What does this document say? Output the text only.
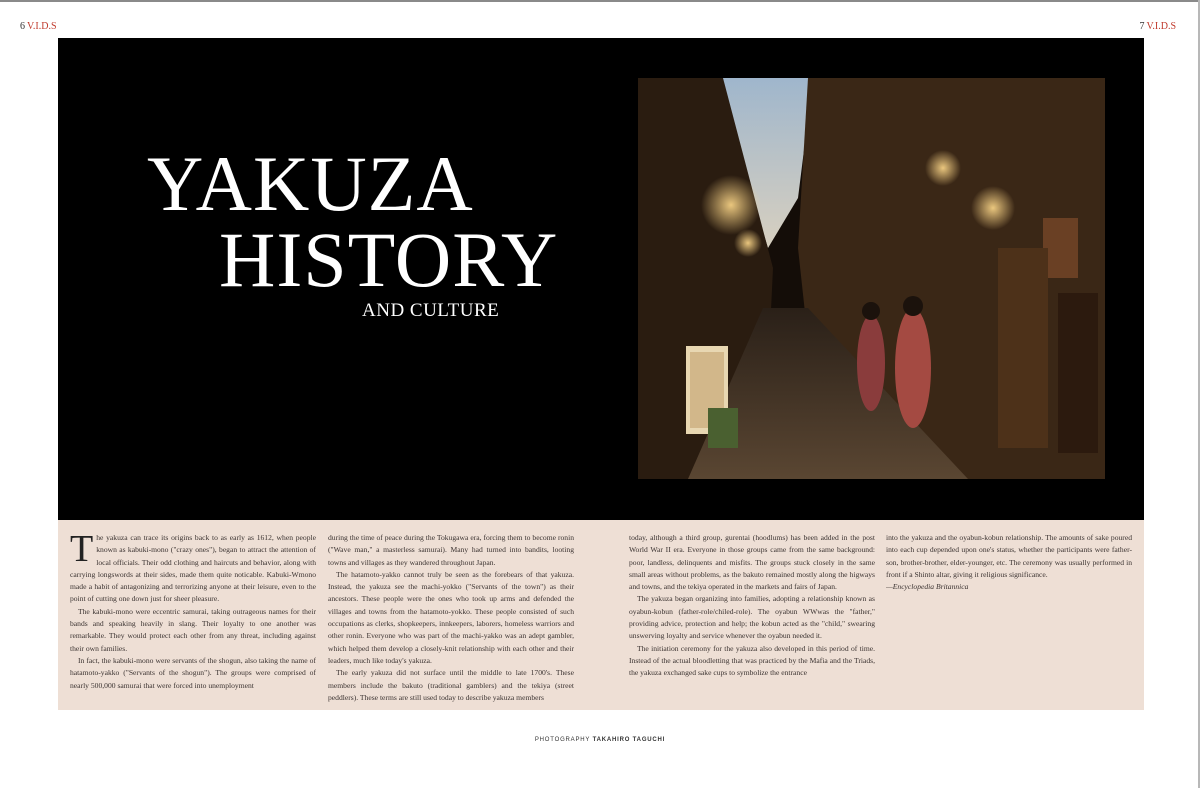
6 V.I.D.S	7 V.I.D.S
YAKUZA
HISTORY
AND CULTURE

The yakuza can trace its origins back to as early as 1612, when people known as kabuki-mono ("crazy ones"), began to attract the attention of local officials. Their odd clothing and haircuts and behavior, along with carrying longswords at their sides, made them quite noticable. Kabuki-Wmono made a habit of antagonizing and terrorizing anyone at their leisure, even to the point of cutting one down just for sheer pleasure.

The kabuki-mono were eccentric samurai, taking outrageous names for their bands and speaking heavily in slang. Their loyalty to one another was remarkable. They would protect each other from any threat, including against their own families.

In fact, the kabuki-mono were servants of the shogun, also taking the name of hatamoto-yakko ("Servants of the shogun"). The groups were comprised of nearly 500,000 samurai that were forced into unemployment

during the time of peace during the Tokugawa era, forcing them to become ronin ("Wave man," a masterless samurai). Many had turned into bandits, looting towns and villages as they wandered throughout Japan.

The hatamoto-yakko cannot truly be seen as the forebears of that yakuza. Instead, the yakuza see the machi-yokko ("Servants of the town") as their ancestors. These people were the ones who took up arms and defended the villages and towns from the hatamoto-yokko. These people consisted of such occupations as clerks, shopkeepers, innkeepers, laborers, homeless warriors and other ronin. Everyone who was part of the machi-yakko was an adept gambler, which helped them develop a closely-knit relationship with each other and their leaders, much like today's yakuza.

The early yakuza did not surface until the middle to late 1700's. These members include the bakuto (traditional gamblers) and the tekiya (street peddlers). These terms are still used today to describe yakuza members

today, although a third group, gurentai (hoodlums) has been added in the post World War II era. Everyone in those groups came from the same background: poor, landless, delinquents and misfits. The groups stuck closely in the same small areas without problems, as the bakuto remained mostly along the higways and towns, and the tekiya operated in the markets and fairs of Japan.

The yakuza began organizing into families, adopting a relationship known as oyabun-kobun (father-role/chiled-role). The oyabun WWwas the "father," providing advice, protection and help; the kobun acted as the "child," swearing unswerving loyalty and service whenever the oyabun needed it.

The initiation ceremony for the yakuza also developed in this period of time. Instead of the actual bloodletting that was practiced by the Mafia and the Triads, the yakuza exchanged sake cups to symbolize the entrance

into the yakuza and the oyabun-kobun relationship. The amounts of sake poured into each cup depended upon one's status, whether the participants were father-son, brother-brother, elder-younger, etc. The ceremony was usually performed in front if a Shinto altar, giving it religious significance.

—Encyclopedia Britannica

PHOTOGRAPHY TAKAHIRO TAGUCHI
